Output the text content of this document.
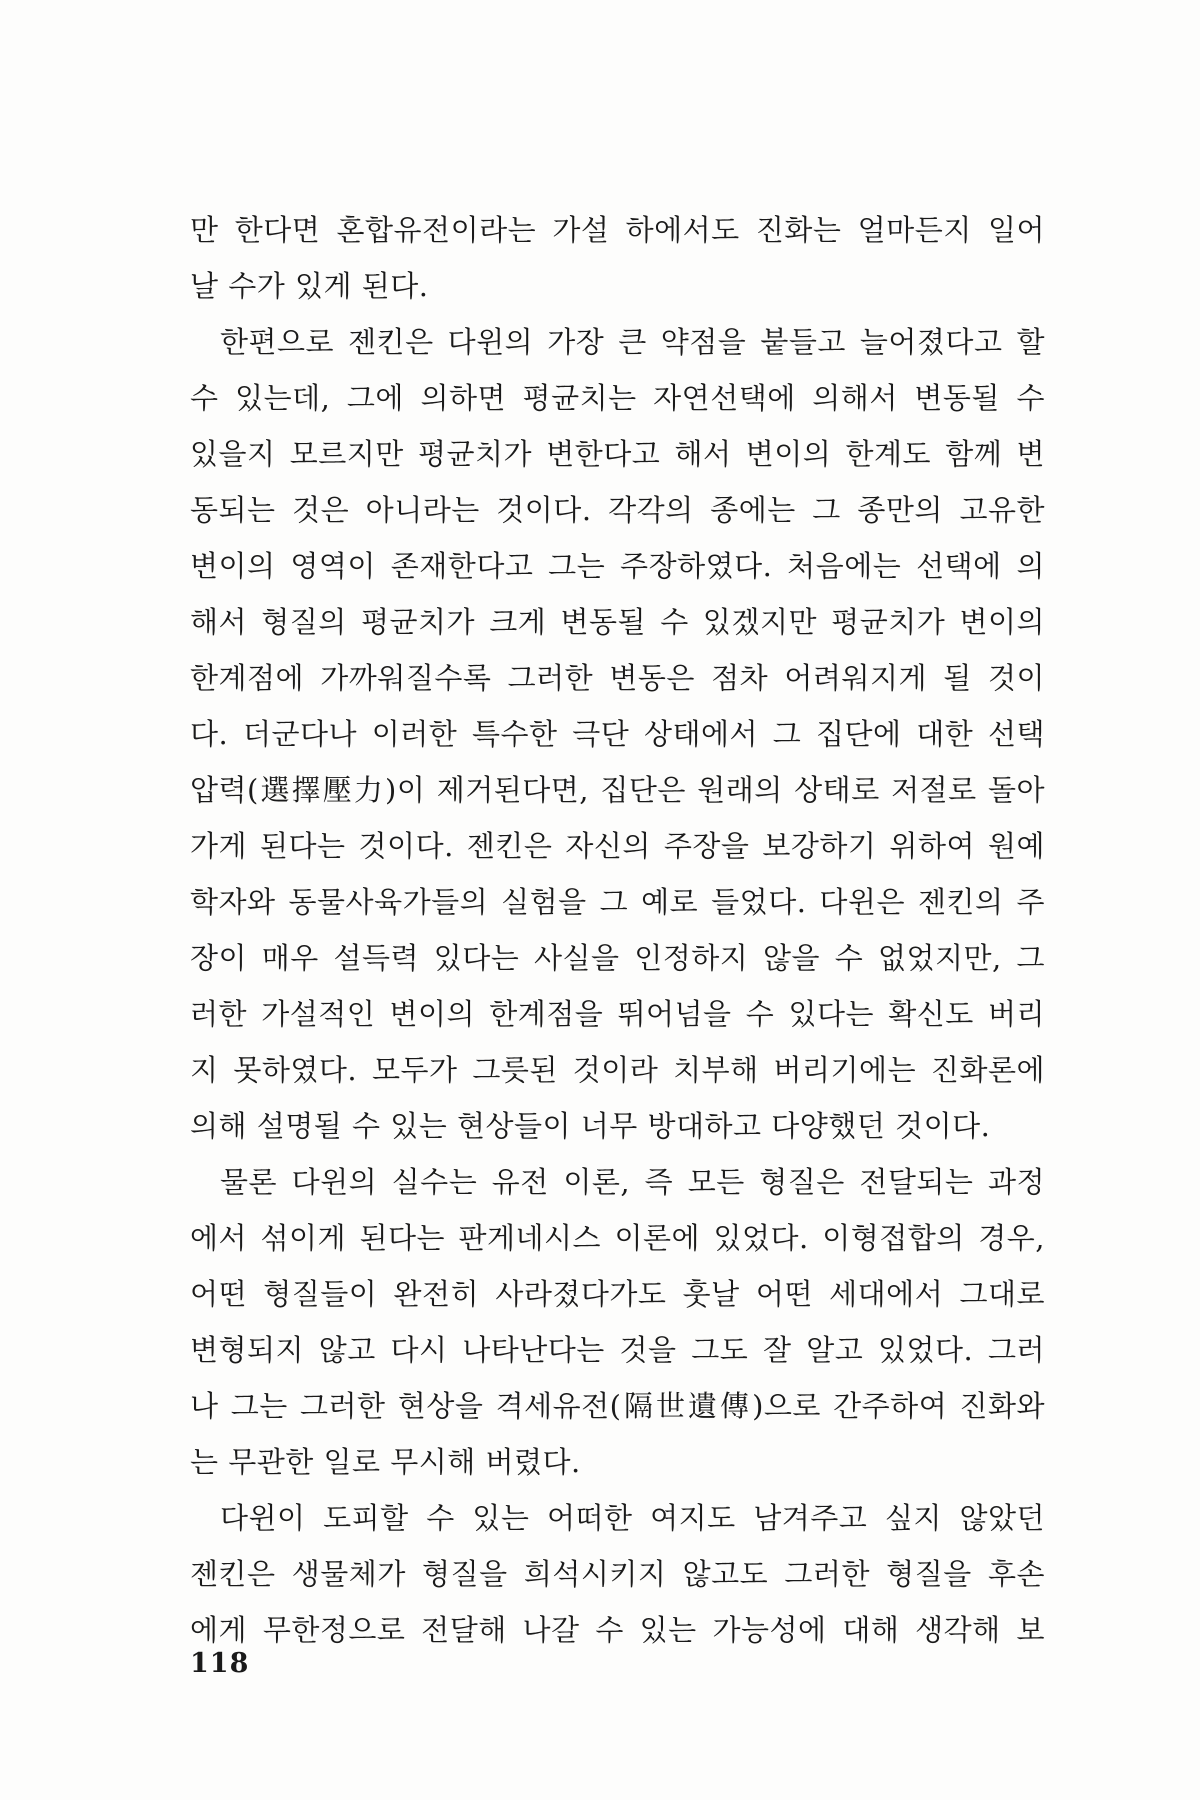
만 한다면 혼합유전이라는 가설 하에서도 진화는 얼마든지 일어
날 수가 있게 된다.
한편으로 젠킨은 다윈의 가장 큰 약점을 붙들고 늘어졌다고 할
수 있는데, 그에 의하면 평균치는 자연선택에 의해서 변동될 수
있을지 모르지만 평균치가 변한다고 해서 변이의 한계도 함께 변
동되는 것은 아니라는 것이다. 각각의 종에는 그 종만의 고유한
변이의 영역이 존재한다고 그는 주장하였다. 처음에는 선택에 의
해서 형질의 평균치가 크게 변동될 수 있겠지만 평균치가 변이의
한계점에 가까워질수록 그러한 변동은 점차 어려워지게 될 것이
다. 더군다나 이러한 특수한 극단 상태에서 그 집단에 대한 선택
압력(選擇壓力)이 제거된다면, 집단은 원래의 상태로 저절로 돌아
가게 된다는 것이다. 젠킨은 자신의 주장을 보강하기 위하여 원예
학자와 동물사육가들의 실험을 그 예로 들었다. 다윈은 젠킨의 주
장이 매우 설득력 있다는 사실을 인정하지 않을 수 없었지만, 그
러한 가설적인 변이의 한계점을 뛰어넘을 수 있다는 확신도 버리
지 못하였다. 모두가 그릇된 것이라 치부해 버리기에는 진화론에
의해 설명될 수 있는 현상들이 너무 방대하고 다양했던 것이다.
물론 다윈의 실수는 유전 이론, 즉 모든 형질은 전달되는 과정
에서 섞이게 된다는 판게네시스 이론에 있었다. 이형접합의 경우,
어떤 형질들이 완전히 사라졌다가도 훗날 어떤 세대에서 그대로
변형되지 않고 다시 나타난다는 것을 그도 잘 알고 있었다. 그러
나 그는 그러한 현상을 격세유전(隔世遺傳)으로 간주하여 진화와
는 무관한 일로 무시해 버렸다.
다윈이 도피할 수 있는 어떠한 여지도 남겨주고 싶지 않았던
젠킨은 생물체가 형질을 희석시키지 않고도 그러한 형질을 후손
에게 무한정으로 전달해 나갈 수 있는 가능성에 대해 생각해 보
118
